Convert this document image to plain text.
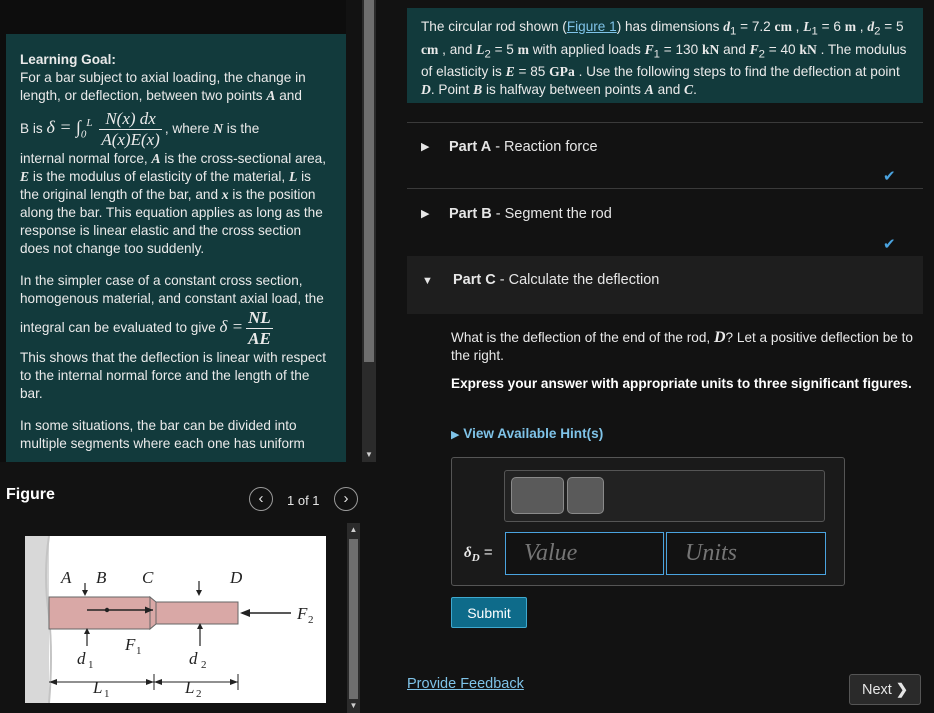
Learning Goal:
For a bar subject to axial loading, the change in length, or deflection, between two points A and
B is $\delta = \int_0^L \frac{N(x) dx}{A(x)E(x)}$ , where N is the
internal normal force, A is the cross-sectional area, E is the modulus of elasticity of the material, L is the original length of the bar, and x is the position along the bar. This equation applies as long as the response is linear elastic and the cross section does not change too suddenly.

In the simpler case of a constant cross section, homogenous material, and constant axial load, the integral can be evaluated to give $\delta = \frac{NL}{AE}$

This shows that the deflection is linear with respect to the internal normal force and the length of the bar.

In some situations, the bar can be divided into multiple segments where each one has uniform

▼
Figure	‹	1 of 1	›
A B C	D
F
F
d	d
L	L
1
2
1	2
1	2
▲
▼
The circular rod shown (Figure 1) has dimensions $d_1 = 7.2$ cm , $L_1 = 6$ m , $d_2 = 5$ cm , and $L_2 = 5$ m with applied loads $F_1 = 130$ kN and $F_2 = 40$ kN . The modulus of elasticity is E = 85 GPa . Use the following steps to find the deflection at point D. Point B is halfway between points A and C.
▶ Part A - Reaction force
✔
▶ Part B - Segment the rod
✔
▼ Part C - Calculate the deflection
What is the deflection of the end of the rod, D? Let a positive deflection be to the right.
Express your answer with appropriate units to three significant figures.
▶ View Available Hint(s)
$\delta_D$ =
Value
Units
Submit
Provide Feedback	Next ❯
